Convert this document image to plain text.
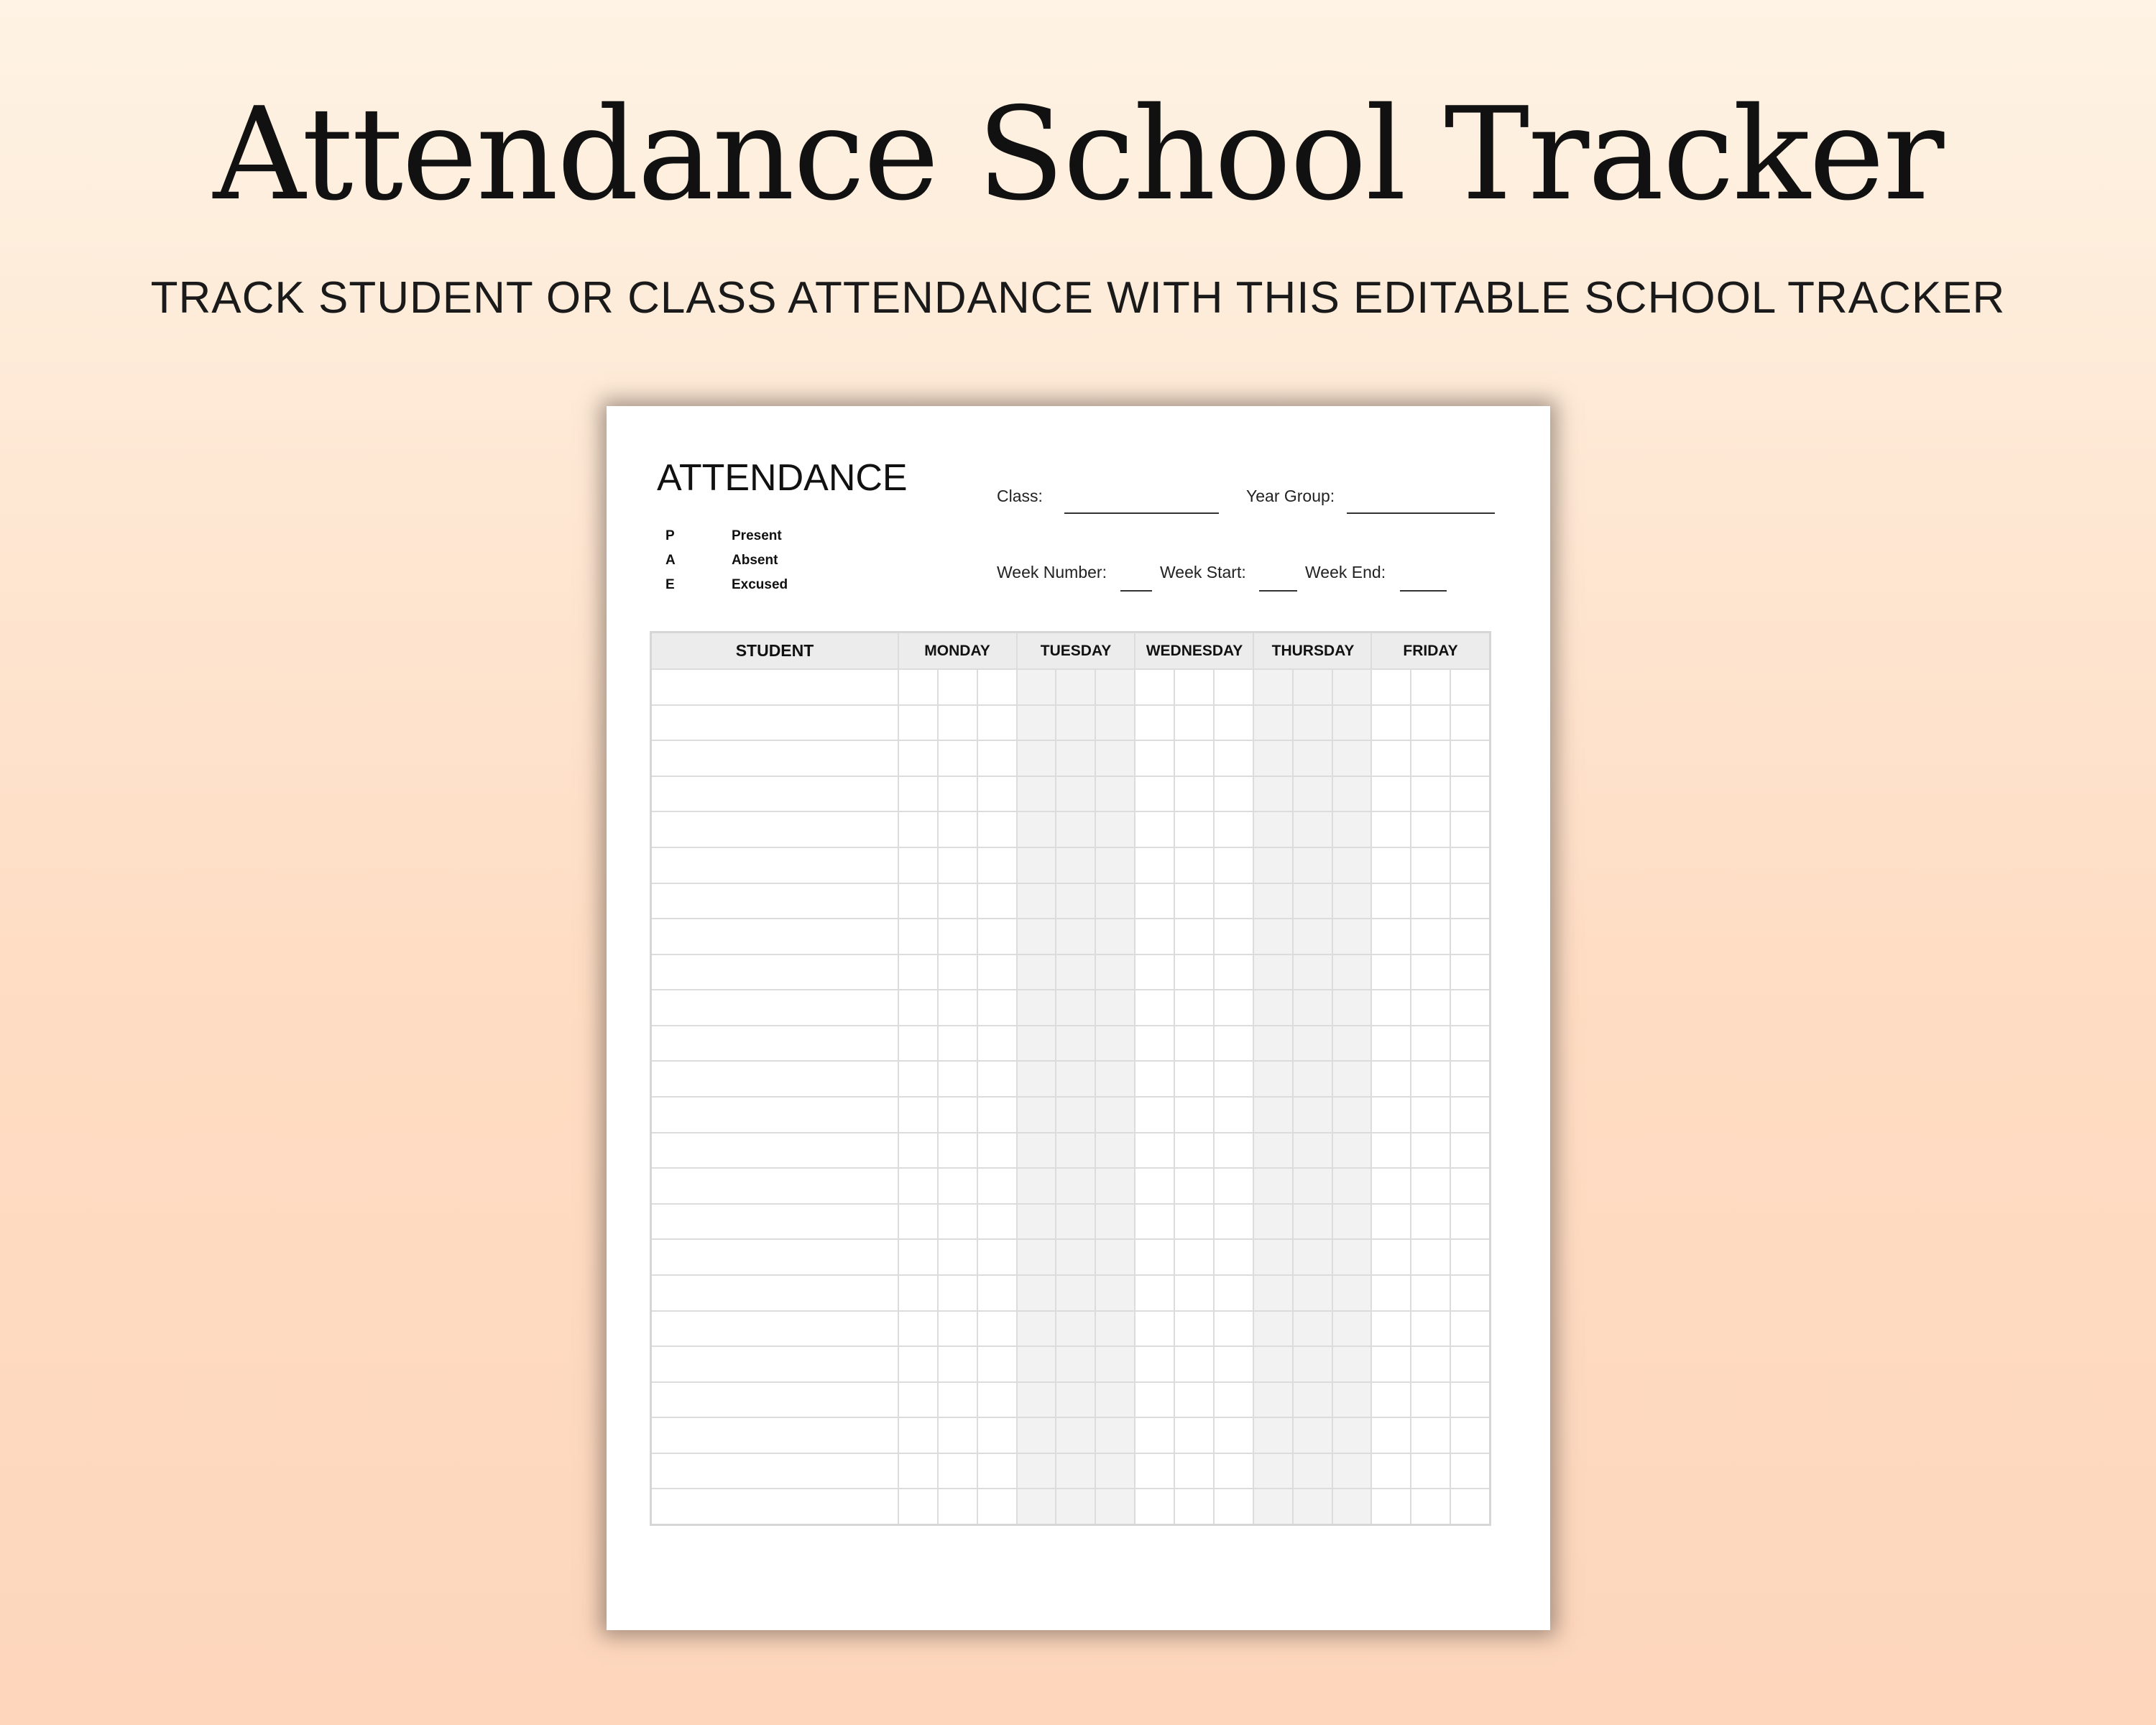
Attendance School Tracker

TRACK STUDENT OR CLASS ATTENDANCE WITH THIS EDITABLE SCHOOL TRACKER

ATTENDANCE
P	Present
A	Absent
E	Excused
Class:	Year Group:
Week Number:	Week Start:	Week End:
STUDENT	MONDAY	TUESDAY	WEDNESDAY	THURSDAY	FRIDAY
